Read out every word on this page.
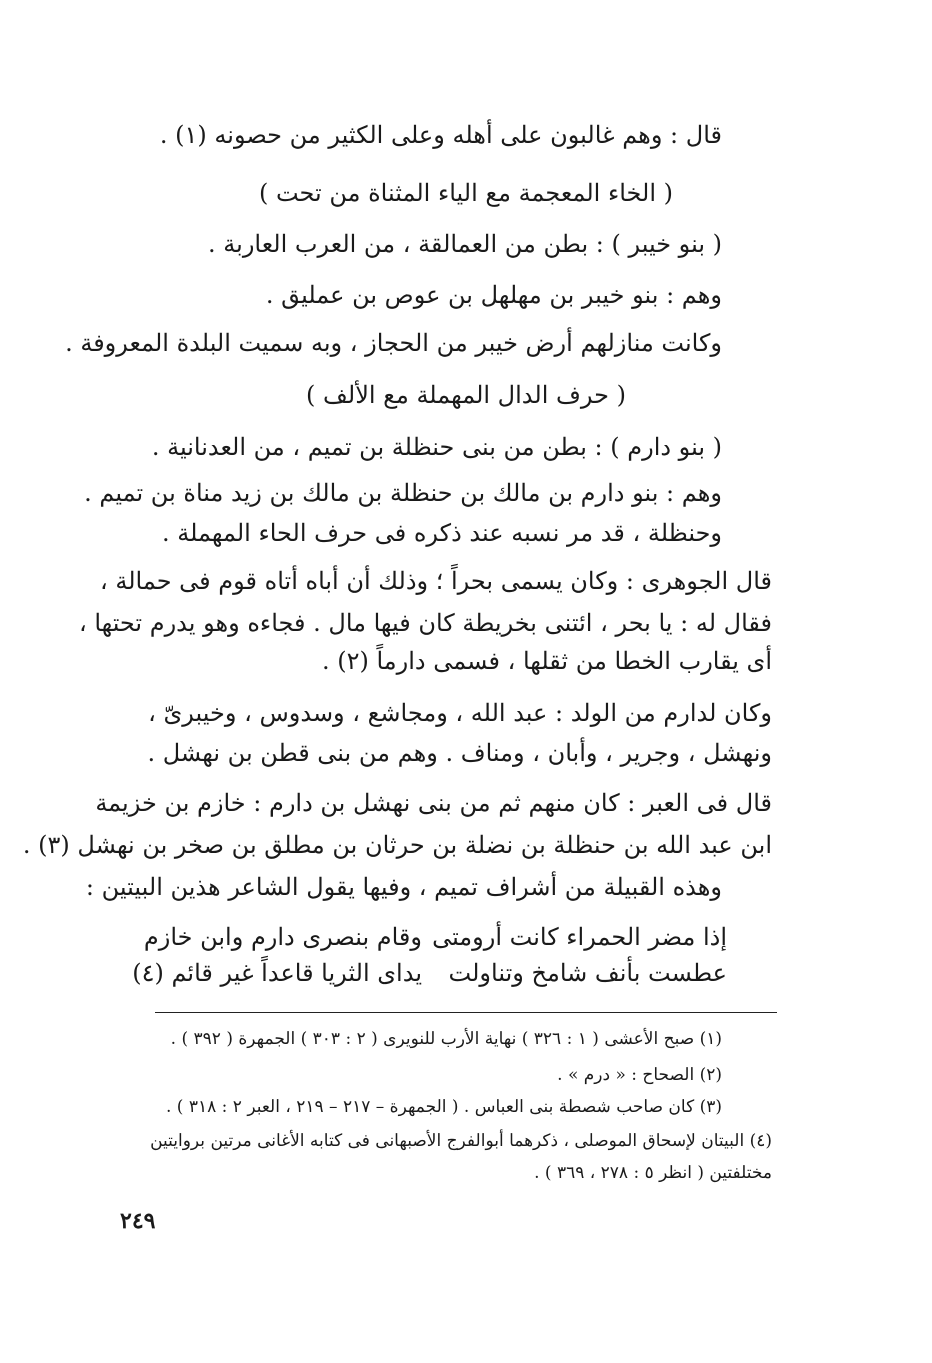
قال : وهم غالبون على أهله وعلى الكثير من حصونه (١) .
( الخاء المعجمة مع الياء المثناة من تحت )
( بنو خيبر ) : بطن من العمالقة ، من العرب العاربة .
وهم : بنو خيبر بن مهلهل بن عوص بن عمليق .
وكانت منازلهم أرض خيبر من الحجاز ، وبه سميت البلدة المعروفة .
( حرف الدال المهملة مع الألف )
( بنو دارم ) : بطن من بنى حنظلة بن تميم ، من العدنانية .
وهم : بنو دارم بن مالك بن حنظلة بن مالك بن زيد مناة بن تميم .
وحنظلة ، قد مر نسبه عند ذكره فى حرف الحاء المهملة .
قال الجوهرى : وكان يسمى بحراً ؛ وذلك أن أباه أتاه قوم فى حمالة ،
فقال له : يا بحر ، ائتنى بخريطة كان فيها مال . فجاءه وهو يدرم تحتها ،
أى يقارب الخطا من ثقلها ، فسمى دارماً (٢) .
وكان لدارم من الولد : عبد الله ، ومجاشع ، وسدوس ، وخيبرىّ ،
ونهشل ، وجرير ، وأبان ، ومناف . وهم من بنى قطن بن نهشل .
قال فى العبر : كان منهم ثم من بنى نهشل بن دارم : خازم بن خزيمة
ابن عبد الله بن حنظلة بن نضلة بن حرثان بن مطلق بن صخر بن نهشل (٣) .
وهذه القبيلة من أشراف تميم ، وفيها يقول الشاعر هذين البيتين :
إذا مضر الحمراء كانت أرومتى
وقام بنصرى دارم وابن خازم
عطست بأنف شامخ وتناولت
يداى الثريا قاعداً غير قائم (٤)
(١) صبح الأعشى ( ١ : ٣٢٦ ) نهاية الأرب للنويرى ( ٢ : ٣٠٣ ) الجمهرة ( ٣٩٢ ) .
(٢) الصحاح : « درم » .
(٣) كان صاحب شصطة بنى العباس . ( الجمهرة – ٢١٧ – ٢١٩ ، العبر ٢ : ٣١٨ ) .
(٤) البيتان لإسحاق الموصلى ، ذكرهما أبوالفرج الأصبهانى فى كتابه الأغانى مرتين بروايتين
مختلفتين ( انظر ٥ : ٢٧٨ ، ٣٦٩ ) .
٢٤٩
